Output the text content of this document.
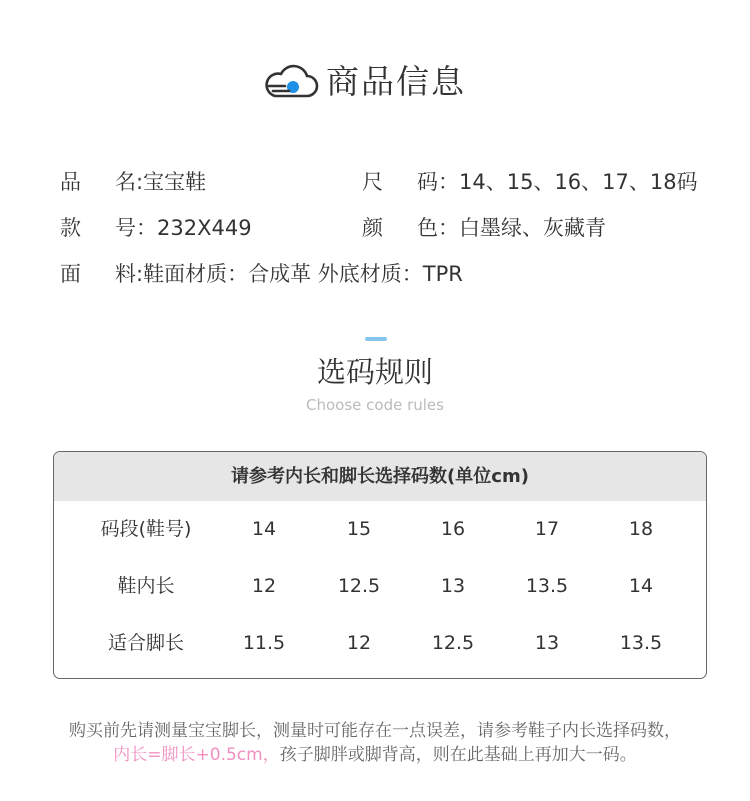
商品信息
品 名:宝宝鞋	尺 码：14、15、16、17、18码
款 号：232X449	颜 色：白墨绿、灰藏青
面 料:鞋面材质：合成革 外底材质：TPR
选码规则
Choose code rules
请参考内长和脚长选择码数(单位cm)
码段(鞋号)	14	15	16	17	18
鞋内长	12	12.5	13	13.5	14
适合脚长	11.5	12	12.5	13	13.5
购买前先请测量宝宝脚长，测量时可能存在一点误差，请参考鞋子内长选择码数，
内长=脚长+0.5cm，孩子脚胖或脚背高，则在此基础上再加大一码。
